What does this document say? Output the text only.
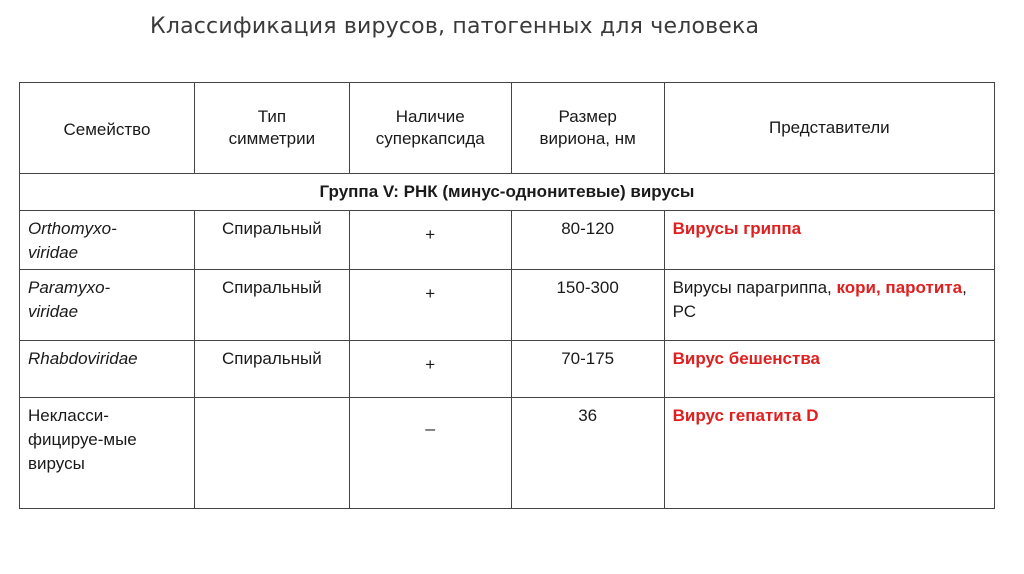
Классификация вирусов, патогенных для человека
Семейство	Тип симметрии	Наличие суперкапсида	Размер вириона, нм	Представители
Группа V: РНК (минус-однонитевые) вирусы				
Orthomyxo-viridae	Спиральный	+	80-120	Вирусы гриппа
Paramyxo-viridae	Спиральный	+	150-300	Вирусы парагриппа, кори, паротита, РС
Rhabdoviridae	Спиральный	+	70-175	Вирус бешенства
Некласси-фицируе-мые вирусы		_	36	Вирус гепатита D
